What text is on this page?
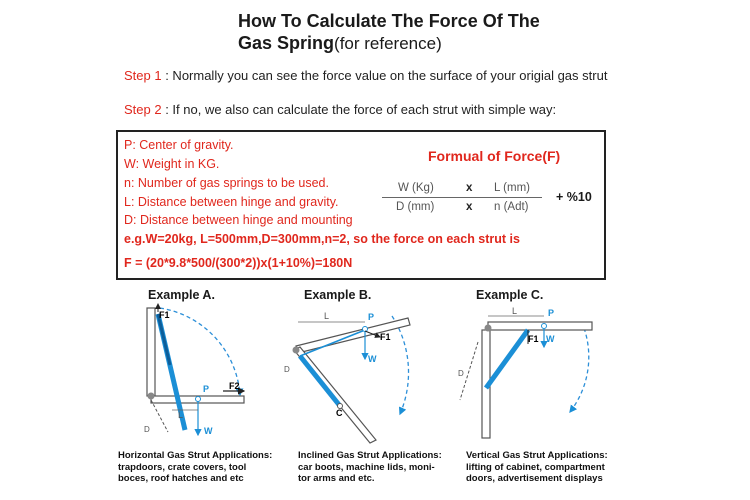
How To Calculate The Force Of The
Gas Spring(for reference)
Step 1 : Normally you can see the force value on the surface of your origial gas strut
Step 2 : If no, we also can calculate the force of each strut with simple way:
P: Center of gravity.
W: Weight in KG.
n: Number of gas springs to be used.
L: Distance between hinge and gravity.
D: Distance between hinge and mounting
Formual of Force(F)
W (Kg)	x L (mm)
D (mm)	x n (Adt)
+ %10
e.g.W=20kg, L=500mm,D=300mm,n=2, so the force on each strut is
F = (20*9.8*500/(300*2))x(1+10%)=180N
Example A.	Example B.	Example C.
F1
F2
P
W
L
D
L	P
F1
W
C
D
L	P
F1 W
D
Horizontal Gas Strut Applications:
trapdoors, crate covers, tool
boces, roof hatches and etc
Inclined Gas Strut Applications:
car boots, machine lids, moni-
tor arms and etc.
Vertical Gas Strut Applications:
lifting of cabinet, compartment
doors, advertisement displays
